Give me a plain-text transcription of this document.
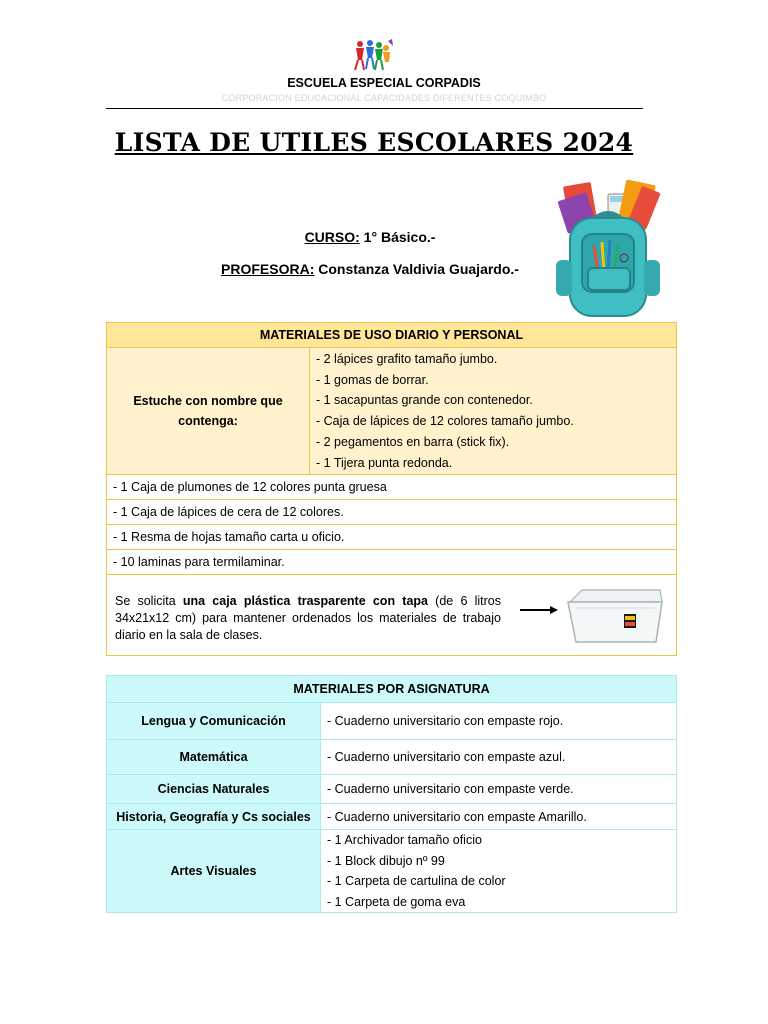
ESCUELA ESPECIAL CORPADIS
CORPORACION EDUCACIONAL CAPACIDADES DIFERENTES COQUIMBO
LISTA DE UTILES ESCOLARES 2024
CURSO: 1° Básico.-
PROFESORA: Constanza Valdivia Guajardo.-
MATERIALES DE USO DIARIO Y PERSONAL
Estuche con nombre que contenga:	
- 2 lápices grafito tamaño jumbo.
- 1 gomas de borrar.
- 1 sacapuntas grande con contenedor.
- Caja de lápices de 12 colores tamaño jumbo.
- 2 pegamentos en barra (stick fix).
- 1 Tijera punta redonda.

- 1 Caja de plumones de 12 colores punta gruesa
- 1 Caja de lápices de cera de 12 colores.
- 1 Resma de hojas tamaño carta u oficio.
- 10 laminas para termilaminar.

Se solicita una caja plástica trasparente con tapa (de 6 litros 34x21x12 cm) para mantener ordenados los materiales de trabajo diario en la sala de clases.
MATERIALES POR ASIGNATURA	
Lengua y Comunicación	- Cuaderno universitario con empaste rojo.
Matemática	- Cuaderno universitario con empaste azul.
Ciencias Naturales	- Cuaderno universitario con empaste verde.
Historia, Geografía y Cs sociales	- Cuaderno universitario con empaste Amarillo.
Artes Visuales	- 1 Archivador tamaño oficio
- 1 Block dibujo nº 99
- 1 Carpeta de cartulina de color
- 1 Carpeta de goma eva
